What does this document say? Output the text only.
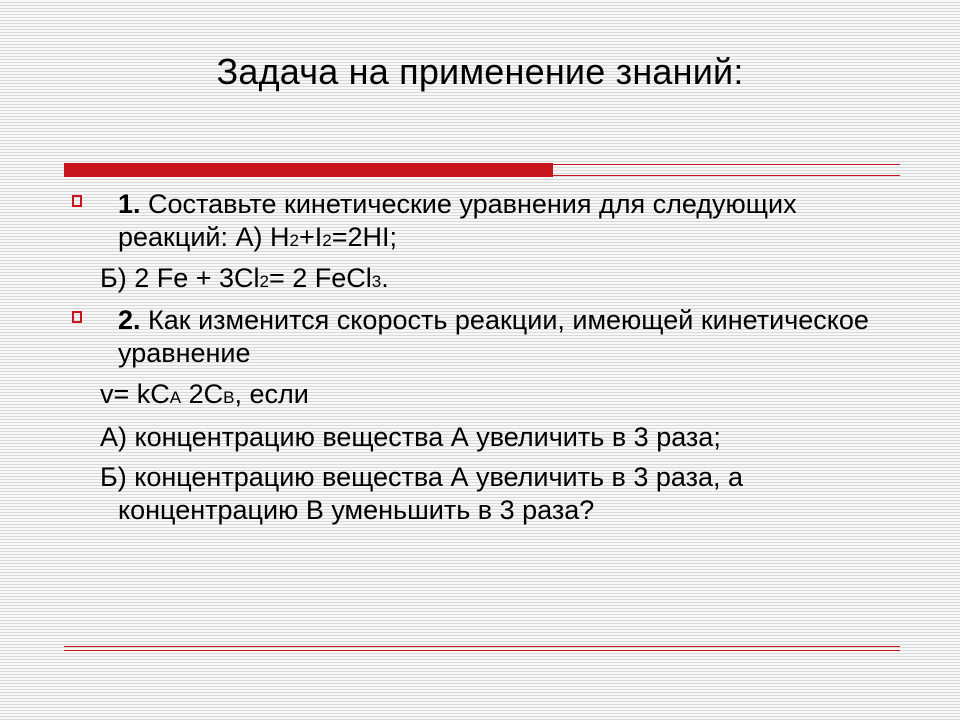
Задача на применение знаний:
1. Составьте кинетические уравнения для следующих реакций: А) H2+I2=2HI;
Б) 2 Fe + 3Cl2= 2 FeCl3.
2. Как изменится скорость реакции, имеющей кинетическое уравнение
v= kCA 2CB, если
А) концентрацию вещества А увеличить в 3 раза;
Б) концентрацию вещества А увеличить в 3 раза, а концентрацию В уменьшить в 3 раза?
